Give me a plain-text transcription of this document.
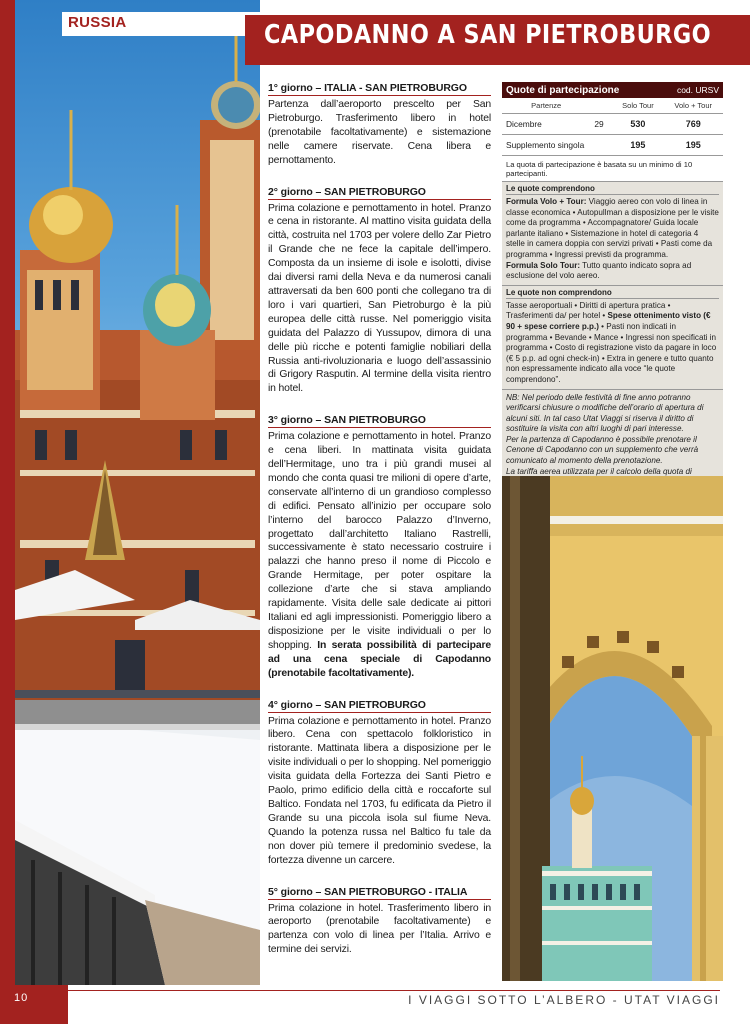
RUSSIA	CAPODANNO A SAN PIETROBURGO
1° giorno – ITALIA - SAN PIETROBURGO
Partenza dall’aeroporto prescelto per San Pietroburgo. Trasferimento libero in hotel (prenotabile facoltativamente) e sistemazione nelle camere riservate. Cena libera e pernottamento.
2° giorno – SAN PIETROBURGO
Prima colazione e pernottamento in hotel. Pranzo e cena in ristorante. Al mattino visita guidata della città, costruita nel 1703 per volere dello Zar Pietro il Grande che ne fece la capitale dell’impero. Composta da un insieme di isole e isolotti, divise dai diversi rami della Neva e da numerosi canali attraversati da ben 600 ponti che collegano tra di loro i vari quartieri, San Pietroburgo è la più europea delle città russe. Nel pomeriggio visita guidata del Palazzo di Yussupov, dimora di una delle più ricche e potenti famiglie nobiliari della Russia anti-rivoluzionaria e luogo dell’assassinio di Grigory Rasputin. Al termine della visita rientro in hotel.
3° giorno – SAN PIETROBURGO
Prima colazione e pernottamento in hotel. Pranzo e cena liberi. In mattinata visita guidata dell’Hermitage, uno tra i più grandi musei al mondo che conta quasi tre milioni di opere d’arte, conservate all’interno di un grandioso complesso di edifici. Pensato all’inizio per occupare solo l’interno del barocco Palazzo d’Inverno, progettato dall’architetto Italiano Rastrelli, successivamente è stato necessario costruire i palazzi che hanno preso il nome di Piccolo e Grande Hermitage, per poter ospitare la collezione d’arte che si stava ampliando rapidamente. Visita delle sale dedicate ai pittori Italiani ed agli impressionisti. Pomeriggio libero a disposizione per le visite individuali o per lo shopping. In serata possibilità di partecipare ad una cena speciale di Capodanno (prenotabile facoltativamente).
4° giorno – SAN PIETROBURGO
Prima colazione e pernottamento in hotel. Pranzo libero. Cena con spettacolo folkloristico in ristorante. Mattinata libera a disposizione per le visite individuali o per lo shopping. Nel pomeriggio visita guidata della Fortezza dei Santi Pietro e Paolo, primo edificio della città e roccaforte sul Baltico. Fondata nel 1703, fu edificata da Pietro il Grande su una piccola isola sul fiume Neva. Quando la potenza russa nel Baltico fu tale da non dover più temere il predominio svedese, la fortezza divenne un carcere.
5° giorno – SAN PIETROBURGO - ITALIA
Prima colazione in hotel. Trasferimento libero in aeroporto (prenotabile facoltativamente) e partenza con volo di linea per l’Italia. Arrivo e termine dei servizi.
Quote di partecipazione	cod. URSV
Partenze		Solo Tour	Volo + Tour
Dicembre	29	530	769
Supplemento singola		195	195
La quota di partecipazione è basata su un minimo di 10 partecipanti.
Le quote comprendono

Formula Volo + Tour: Viaggio aereo con volo di linea in classe economica • Autopullman a disposizione per le visite come da programma • Accompagnatore/ Guida locale parlante italiano • Sistemazione in hotel di categoria 4 stelle in camera doppia con servizi privati • Pasti come da programma • Ingressi previsti da programma.

Formula Solo Tour: Tutto quanto indicato sopra ad esclusione del volo aereo.

Le quote non comprendono

Tasse aeroportuali • Diritti di apertura pratica • Trasferimenti da/ per hotel • Spese ottenimento visto (€ 90 + spese corriere p.p.) • Pasti non indicati in programma • Bevande • Mance • Ingressi non specificati in programma • Costo di registrazione visto da pagare in loco (€ 5 p.p. ad ogni check-in) • Extra in genere e tutto quanto non espressamente indicato alla voce “le quote comprendono”.

NB: Nel periodo delle festività di fine anno potranno verificarsi chiusure o modifiche dell’orario di apertura di alcuni siti. In tal caso Utat Viaggi si riserva il diritto di sostituire la visita con altri luoghi di pari interesse.

Per la partenza di Capodanno è possibile prenotare il Cenone di Capodanno con un supplemento che verrà comunicato al momento della prenotazione.

La tariffa aerea utilizzata per il calcolo della quota di

10	I VIAGGI SOTTO L’ALBERO - UTAT VIAGGI
